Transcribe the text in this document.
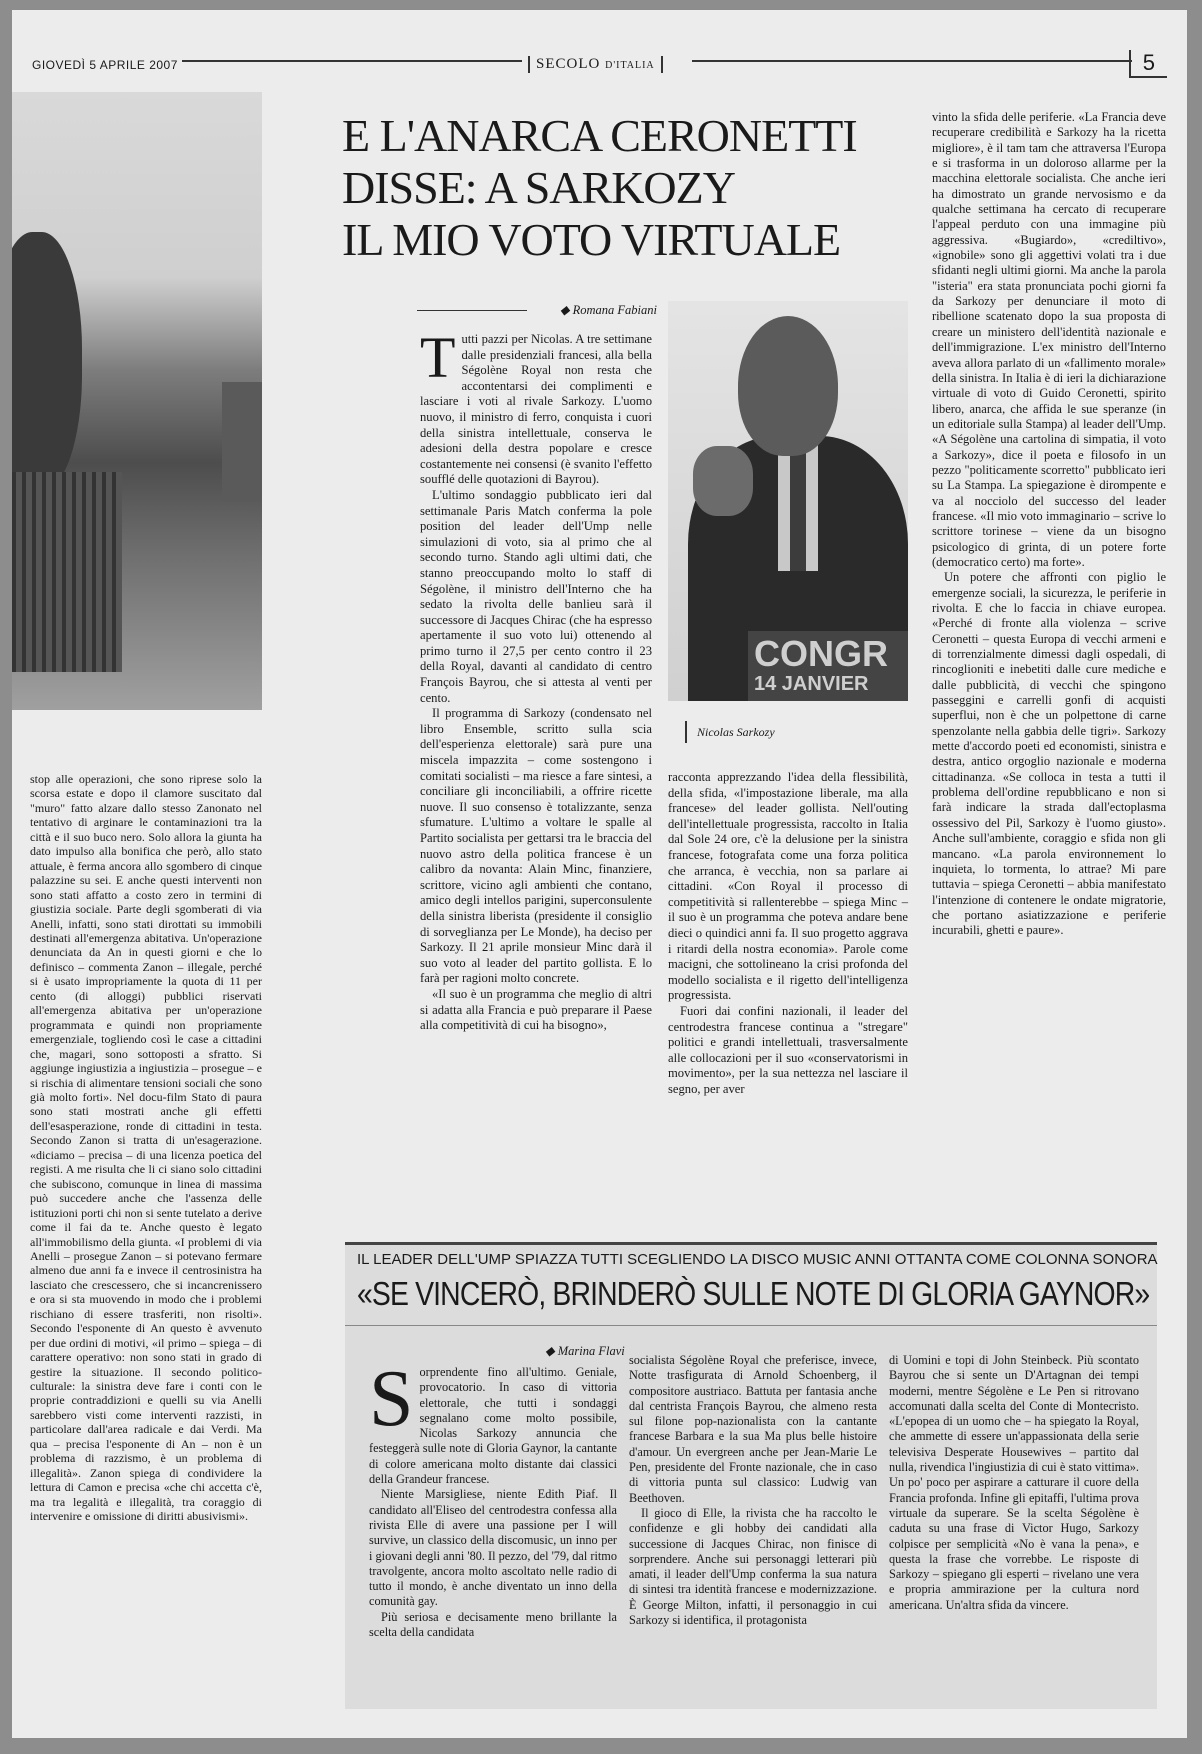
GIOVEDÌ 5 APRILE 2007	SECOLO D'ITALIA	5

stop alle operazioni, che sono riprese solo la scorsa estate e dopo il clamore suscitato dal "muro" fatto alzare dallo stesso Zanonato nel tentativo di arginare le contaminazioni tra la città e il suo buco nero. Solo allora la giunta ha dato impulso alla bonifica che però, allo stato attuale, è ferma ancora allo sgombero di cinque palazzine su sei. E anche questi interventi non sono stati affatto a costo zero in termini di giustizia sociale. Parte degli sgomberati di via Anelli, infatti, sono stati dirottati su immobili destinati all'emergenza abitativa. Un'operazione denunciata da An in questi giorni e che lo definisco – commenta Zanon – illegale, perché si è usato impropriamente la quota di 11 per cento (di alloggi) pubblici riservati all'emergenza abitativa per un'operazione programmata e quindi non propriamente emergenziale, togliendo così le case a cittadini che, magari, sono sottoposti a sfratto. Si aggiunge ingiustizia a ingiustizia – prosegue – e si rischia di alimentare tensioni sociali che sono già molto forti». Nel docu-film Stato di paura sono stati mostrati anche gli effetti dell'esasperazione, ronde di cittadini in testa. Secondo Zanon si tratta di un'esagerazione. «diciamo – precisa – di una licenza poetica del registi. A me risulta che li ci siano solo cittadini che subiscono, comunque in linea di massima può succedere anche che l'assenza delle istituzioni porti chi non si sente tutelato a derive come il fai da te. Anche questo è legato all'immobilismo della giunta. «I problemi di via Anelli – prosegue Zanon – si potevano fermare almeno due anni fa e invece il centrosinistra ha lasciato che crescessero, che si incancrenissero e ora si sta muovendo in modo che i problemi rischiano di essere trasferiti, non risolti». Secondo l'esponente di An questo è avvenuto per due ordini di motivi, «il primo – spiega – di carattere operativo: non sono stati in grado di gestire la situazione. Il secondo politico-culturale: la sinistra deve fare i conti con le proprie contraddizioni e quelli su via Anelli sarebbero visti come interventi razzisti, in particolare dall'area radicale e dai Verdi. Ma qua – precisa l'esponente di An – non è un problema di razzismo, è un problema di illegalità». Zanon spiega di condividere la lettura di Camon e precisa «che chi accetta c'è, ma tra legalità e illegalità, tra coraggio di intervenire e omissione di diritti abusivismi».

E L'ANARCA CERONETTI
DISSE: A SARKOZY
IL MIO VOTO VIRTUALE
◆ Romana Fabiani

Tutti pazzi per Nicolas. A tre settimane dalle presidenziali francesi, alla bella Ségolène Royal non resta che accontentarsi dei complimenti e lasciare i voti al rivale Sarkozy. L'uomo nuovo, il ministro di ferro, conquista i cuori della sinistra intellettuale, conserva le adesioni della destra popolare e cresce costantemente nei consensi (è svanito l'effetto soufflé delle quotazioni di Bayrou).

L'ultimo sondaggio pubblicato ieri dal settimanale Paris Match conferma la pole position del leader dell'Ump nelle simulazioni di voto, sia al primo che al secondo turno. Stando agli ultimi dati, che stanno preoccupando molto lo staff di Ségolène, il ministro dell'Interno che ha sedato la rivolta delle banlieu sarà il successore di Jacques Chirac (che ha espresso apertamente il suo voto lui) ottenendo al primo turno il 27,5 per cento contro il 23 della Royal, davanti al candidato di centro François Bayrou, che si attesta al venti per cento.

Il programma di Sarkozy (condensato nel libro Ensemble, scritto sulla scia dell'esperienza elettorale) sarà pure una miscela impazzita – come sostengono i comitati socialisti – ma riesce a fare sintesi, a conciliare gli inconciliabili, a offrire ricette nuove. Il suo consenso è totalizzante, senza sfumature. L'ultimo a voltare le spalle al Partito socialista per gettarsi tra le braccia del nuovo astro della politica francese è un calibro da novanta: Alain Minc, finanziere, scrittore, vicino agli ambienti che contano, amico degli intellos parigini, superconsulente della sinistra liberista (presidente il consiglio di sorveglianza per Le Monde), ha deciso per Sarkozy. Il 21 aprile monsieur Minc darà il suo voto al leader del partito gollista. E lo farà per ragioni molto concrete.

«Il suo è un programma che meglio di altri si adatta alla Francia e può preparare il Paese alla competitività di cui ha bisogno»,

CONGR
14 JANVIER
Nicolas Sarkozy

racconta apprezzando l'idea della flessibilità, della sfida, «l'impostazione liberale, ma alla francese» del leader gollista. Nell'outing dell'intellettuale progressista, raccolto in Italia dal Sole 24 ore, c'è la delusione per la sinistra francese, fotografata come una forza politica che arranca, è vecchia, non sa parlare ai cittadini. «Con Royal il processo di competitività si rallenterebbe – spiega Minc – il suo è un programma che poteva andare bene dieci o quindici anni fa. Il suo progetto aggrava i ritardi della nostra economia». Parole come macigni, che sottolineano la crisi profonda del modello socialista e il rigetto dell'intelligenza progressista.

Fuori dai confini nazionali, il leader del centrodestra francese continua a "stregare" politici e grandi intellettuali, trasversalmente alle collocazioni per il suo «conservatorismi in movimento», per la sua nettezza nel lasciare il segno, per aver

vinto la sfida delle periferie. «La Francia deve recuperare credibilità e Sarkozy ha la ricetta migliore», è il tam tam che attraversa l'Europa e si trasforma in un doloroso allarme per la macchina elettorale socialista. Che anche ieri ha dimostrato un grande nervosismo e da qualche settimana ha cercato di recuperare l'appeal perduto con una immagine più aggressiva. «Bugiardo», «crediltivo», «ignobile» sono gli aggettivi volati tra i due sfidanti negli ultimi giorni. Ma anche la parola "isteria" era stata pronunciata pochi giorni fa da Sarkozy per denunciare il moto di ribellione scatenato dopo la sua proposta di creare un ministero dell'identità nazionale e dell'immigrazione. L'ex ministro dell'Interno aveva allora parlato di un «fallimento morale» della sinistra. In Italia è di ieri la dichiarazione virtuale di voto di Guido Ceronetti, spirito libero, anarca, che affida le sue speranze (in un editoriale sulla Stampa) al leader dell'Ump. «A Ségolène una cartolina di simpatia, il voto a Sarkozy», dice il poeta e filosofo in un pezzo "politicamente scorretto" pubblicato ieri su La Stampa. La spiegazione è dirompente e va al nocciolo del successo del leader francese. «Il mio voto immaginario – scrive lo scrittore torinese – viene da un bisogno psicologico di grinta, di un potere forte (democratico certo) ma forte».

Un potere che affronti con piglio le emergenze sociali, la sicurezza, le periferie in rivolta. E che lo faccia in chiave europea. «Perché di fronte alla violenza – scrive Ceronetti – questa Europa di vecchi armeni e di torrenzialmente dimessi dagli ospedali, di rincoglioniti e inebetiti dalle cure mediche e dalle pubblicità, di vecchi che spingono passeggini e carrelli gonfi di acquisti superflui, non è che un polpettone di carne spenzolante nella gabbia delle tigri». Sarkozy mette d'accordo poeti ed economisti, sinistra e destra, antico orgoglio nazionale e moderna cittadinanza. «Se colloca in testa a tutti il problema dell'ordine repubblicano e non si farà indicare la strada dall'ectoplasma ossessivo del Pil, Sarkozy è l'uomo giusto». Anche sull'ambiente, coraggio e sfida non gli mancano. «La parola environnement lo inquieta, lo tormenta, lo attrae? Mi pare tuttavia – spiega Ceronetti – abbia manifestato l'intenzione di contenere le ondate migratorie, che portano asiatizzazione e periferie incurabili, ghetti e paure».

IL LEADER DELL'UMP SPIAZZA TUTTI SCEGLIENDO LA DISCO MUSIC ANNI OTTANTA COME COLONNA SONORA
«SE VINCERÒ, BRINDERÒ SULLE NOTE DI GLORIA GAYNOR»
◆ Marina Flavi

Sorprendente fino all'ultimo. Geniale, provocatorio. In caso di vittoria elettorale, che tutti i sondaggi segnalano come molto possibile, Nicolas Sarkozy annuncia che festeggerà sulle note di Gloria Gaynor, la cantante di colore americana molto distante dai classici della Grandeur francese.

Niente Marsigliese, niente Edith Piaf. Il candidato all'Eliseo del centrodestra confessa alla rivista Elle di avere una passione per I will survive, un classico della discomusic, un inno per i giovani degli anni '80. Il pezzo, del '79, dal ritmo travolgente, ancora molto ascoltato nelle radio di tutto il mondo, è anche diventato un inno della comunità gay.

Più seriosa e decisamente meno brillante la scelta della candidata

socialista Ségolène Royal che preferisce, invece, Notte trasfigurata di Arnold Schoenberg, il compositore austriaco. Battuta per fantasia anche dal centrista François Bayrou, che almeno resta sul filone pop-nazionalista con la cantante francese Barbara e la sua Ma plus belle histoire d'amour. Un evergreen anche per Jean-Marie Le Pen, presidente del Fronte nazionale, che in caso di vittoria punta sul classico: Ludwig van Beethoven.

Il gioco di Elle, la rivista che ha raccolto le confidenze e gli hobby dei candidati alla successione di Jacques Chirac, non finisce di sorprendere. Anche sui personaggi letterari più amati, il leader dell'Ump conferma la sua natura di sintesi tra identità francese e modernizzazione. È George Milton, infatti, il personaggio in cui Sarkozy si identifica, il protagonista

di Uomini e topi di John Steinbeck. Più scontato Bayrou che si sente un D'Artagnan dei tempi moderni, mentre Ségolène e Le Pen si ritrovano accomunati dalla scelta del Conte di Montecristo. «L'epopea di un uomo che – ha spiegato la Royal, che ammette di essere un'appassionata della serie televisiva Desperate Housewives – partito dal nulla, rivendica l'ingiustizia di cui è stato vittima». Un po' poco per aspirare a catturare il cuore della Francia profonda. Infine gli epitaffi, l'ultima prova virtuale da superare. Se la scelta Ségolène è caduta su una frase di Victor Hugo, Sarkozy colpisce per semplicità «No è vana la pena», e questa la frase che vorrebbe. Le risposte di Sarkozy – spiegano gli esperti – rivelano une vera e propria ammirazione per la cultura nord americana. Un'altra sfida da vincere.
